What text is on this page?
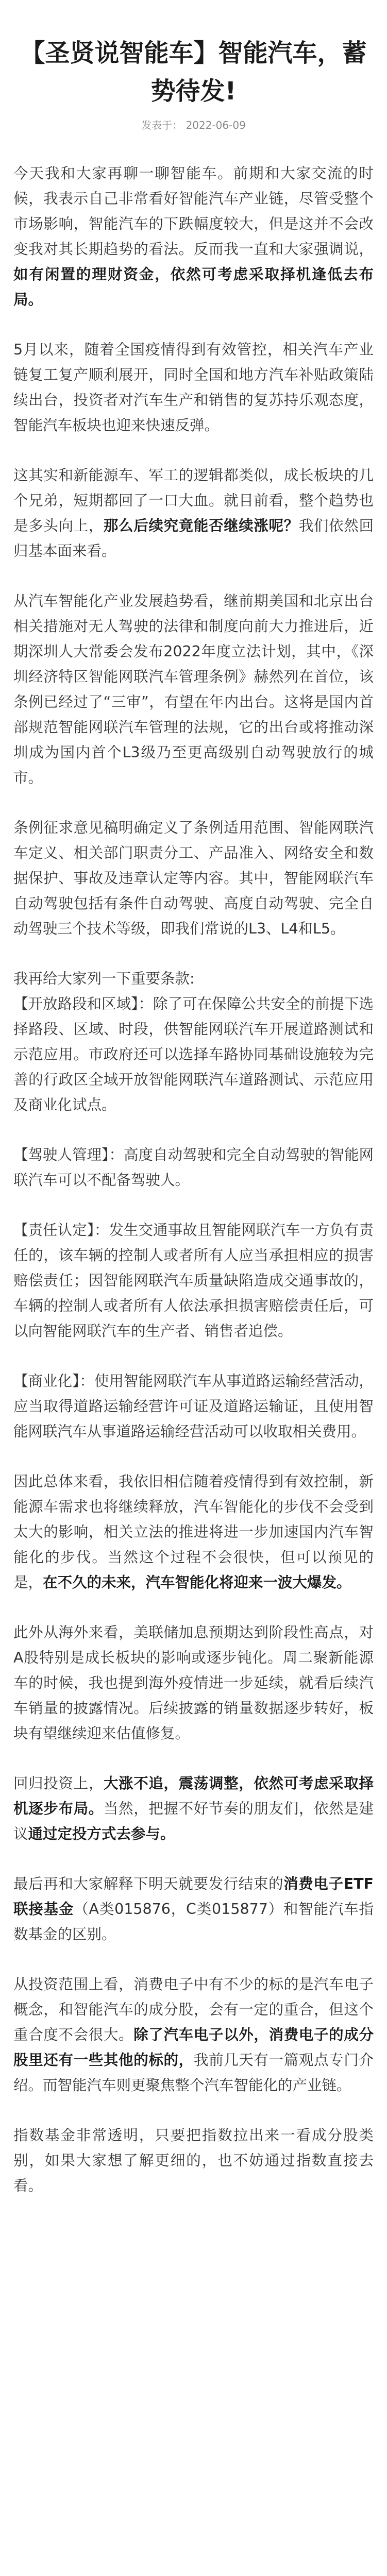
【圣贤说智能车】智能汽车，蓄势待发!
发表于： 2022-06-09

今天我和大家再聊一聊智能车。前期和大家交流的时候，我表示自己非常看好智能汽车产业链，尽管受整个市场影响，智能汽车的下跌幅度较大，但是这并不会改变我对其长期趋势的看法。反而我一直和大家强调说，如有闲置的理财资金，依然可考虑采取择机逢低去布局。

5月以来，随着全国疫情得到有效管控，相关汽车产业链复工复产顺利展开，同时全国和地方汽车补贴政策陆续出台，投资者对汽车生产和销售的复苏持乐观态度，智能汽车板块也迎来快速反弹。

这其实和新能源车、军工的逻辑都类似，成长板块的几个兄弟，短期都回了一口大血。就目前看，整个趋势也是多头向上，那么后续究竟能否继续涨呢？我们依然回归基本面来看。

从汽车智能化产业发展趋势看，继前期美国和北京出台相关措施对无人驾驶的法律和制度向前大力推进后，近期深圳人大常委会发布2022年度立法计划，其中，《深圳经济特区智能网联汽车管理条例》赫然列在首位，该条例已经过了“三审”，有望在年内出台。这将是国内首部规范智能网联汽车管理的法规，它的出台或将推动深圳成为国内首个L3级乃至更高级别自动驾驶放行的城市。

条例征求意见稿明确定义了条例适用范围、智能网联汽车定义、相关部门职责分工、产品准入、网络安全和数据保护、事故及违章认定等内容。其中，智能网联汽车自动驾驶包括有条件自动驾驶、高度自动驾驶、完全自动驾驶三个技术等级，即我们常说的L3、L4和L5。

我再给大家列一下重要条款:
【开放路段和区域】：除了可在保障公共安全的前提下选择路段、区域、时段，供智能网联汽车开展道路测试和示范应用。市政府还可以选择车路协同基础设施较为完善的行政区全域开放智能网联汽车道路测试、示范应用及商业化试点。

【驾驶人管理】：高度自动驾驶和完全自动驾驶的智能网联汽车可以不配备驾驶人。

【责任认定】：发生交通事故且智能网联汽车一方负有责任的，该车辆的控制人或者所有人应当承担相应的损害赔偿责任；因智能网联汽车质量缺陷造成交通事故的，车辆的控制人或者所有人依法承担损害赔偿责任后，可以向智能网联汽车的生产者、销售者追偿。

【商业化】：使用智能网联汽车从事道路运输经营活动，应当取得道路运输经营许可证及道路运输证，且使用智能网联汽车从事道路运输经营活动可以收取相关费用。

因此总体来看，我依旧相信随着疫情得到有效控制，新能源车需求也将继续释放，汽车智能化的步伐不会受到太大的影响，相关立法的推进将进一步加速国内汽车智能化的步伐。当然这个过程不会很快，但可以预见的是，在不久的未来，汽车智能化将迎来一波大爆发。

此外从海外来看，美联储加息预期达到阶段性高点，对A股特别是成长板块的影响或逐步钝化。周二聚新能源车的时候，我也提到海外疫情进一步延续，就看后续汽车销量的披露情况。后续披露的销量数据逐步转好，板块有望继续迎来估值修复。

回归投资上，大涨不追，震荡调整，依然可考虑采取择机逐步布局。当然，把握不好节奏的朋友们，依然是建议通过定投方式去参与。

最后再和大家解释下明天就要发行结束的消费电子ETF联接基金（A类015876，C类015877）和智能汽车指数基金的区别。

从投资范围上看，消费电子中有不少的标的是汽车电子概念，和智能汽车的成分股，会有一定的重合，但这个重合度不会很大。除了汽车电子以外，消费电子的成分股里还有一些其他的标的，我前几天有一篇观点专门介绍。而智能汽车则更聚焦整个汽车智能化的产业链。

指数基金非常透明，只要把指数拉出来一看成分股类别，如果大家想了解更细的，也不妨通过指数直接去看。
